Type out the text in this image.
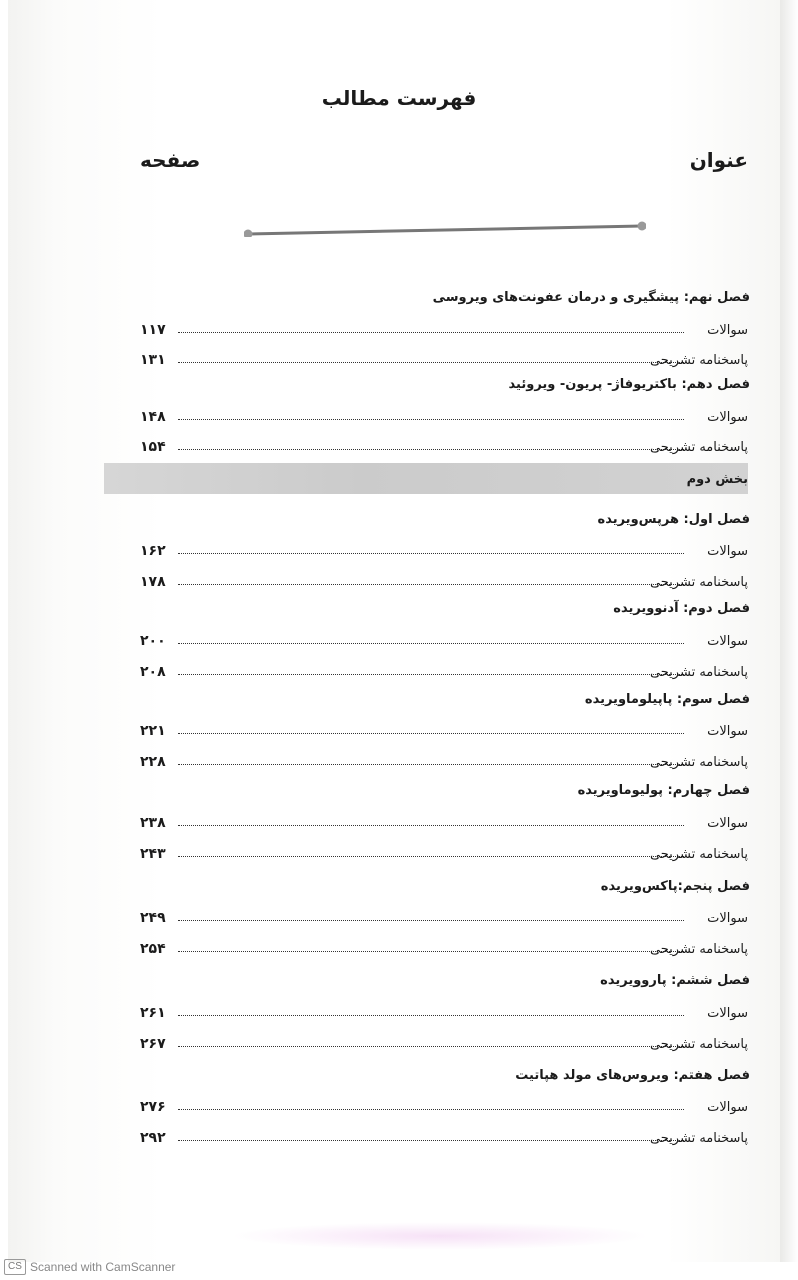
فهرست مطالب
عنوان
صفحه
فصل نهم: پیشگیری و درمان عفونت‌های ویروسی
سوالات
۱۱۷
پاسخنامه تشریحی
۱۳۱
فصل دهم: باکتریوفاژ- پریون- ویروئید
سوالات
۱۴۸
پاسخنامه تشریحی
۱۵۴
بخش دوم
فصل اول: هرپس‌ویریده
سوالات
۱۶۲
پاسخنامه تشریحی
۱۷۸
فصل دوم: آدنوویریده
سوالات
۲۰۰
پاسخنامه تشریحی
۲۰۸
فصل سوم: پاپیلوماویریده
سوالات
۲۲۱
پاسخنامه تشریحی
۲۲۸
فصل چهارم: پولیوماویریده
سوالات
۲۳۸
پاسخنامه تشریحی
۲۴۳
فصل پنجم:پاکس‌ویریده
سوالات
۲۴۹
پاسخنامه تشریحی
۲۵۴
فصل ششم: پاروویریده
سوالات
۲۶۱
پاسخنامه تشریحی
۲۶۷
فصل هفتم: ویروس‌های مولد هپاتیت
سوالات
۲۷۶
پاسخنامه تشریحی
۲۹۲
CS Scanned with CamScanner
